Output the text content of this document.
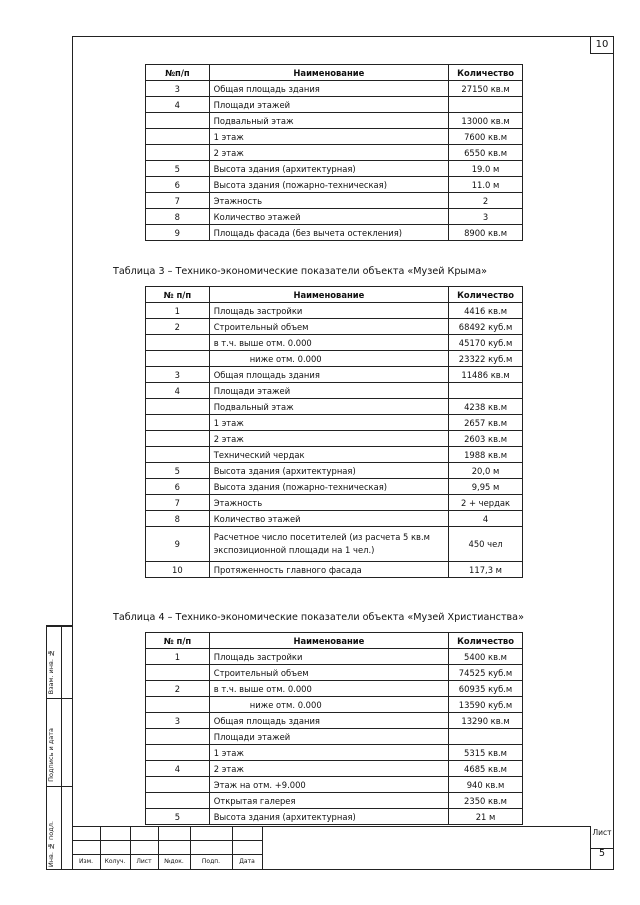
10
№п/п	Наименование	Количество
3	Общая площадь здания	27150 кв.м
4	Площади этажей	
	Подвальный этаж	13000 кв.м
	1 этаж	7600 кв.м
	2 этаж	6550 кв.м
5	Высота здания (архитектурная)	19.0 м
6	Высота здания (пожарно-техническая)	11.0 м
7	Этажность	2
8	Количество этажей	3
9	Площадь фасада (без вычета остекления)	8900 кв.м
Таблица 3 – Технико-экономические показатели объекта «Музей Крыма»
№ п/п	Наименование	Количество
1	Площадь застройки	4416 кв.м
2	Строительный объем	68492 куб.м
	в т.ч. выше отм. 0.000	45170 куб.м
	ниже отм. 0.000	23322 куб.м
3	Общая площадь здания	11486 кв.м
4	Площади этажей	
	Подвальный этаж	4238 кв.м
	1 этаж	2657 кв.м
	2 этаж	2603 кв.м
	Технический чердак	1988 кв.м
5	Высота здания (архитектурная)	20,0 м
6	Высота здания (пожарно-техническая)	9,95 м
7	Этажность	2 + чердак
8	Количество этажей	4
9	Расчетное число посетителей (из расчета 5 кв.м экспозиционной площади на 1 чел.)	450 чел
10	Протяженность главного фасада	117,3 м
Таблица 4 – Технико-экономические показатели объекта «Музей Христианства»
№ п/п	Наименование	Количество
1	Площадь застройки	5400 кв.м
	Строительный объем	74525 куб.м
2	в т.ч. выше отм. 0.000	60935 куб.м
	ниже отм. 0.000	13590 куб.м
3	Общая площадь здания	13290 кв.м
	Площади этажей	
	1 этаж	5315 кв.м
4	2 этаж	4685 кв.м
	Этаж на отм. +9.000	940 кв.м
	Открытая галерея	2350 кв.м
5	Высота здания (архитектурная)	21 м
Взам. инв. №
Подпись и дата
Инв. № подл.	Изм.	Колуч.	Лист	№док.	Подп.	Дата
Лист
5
